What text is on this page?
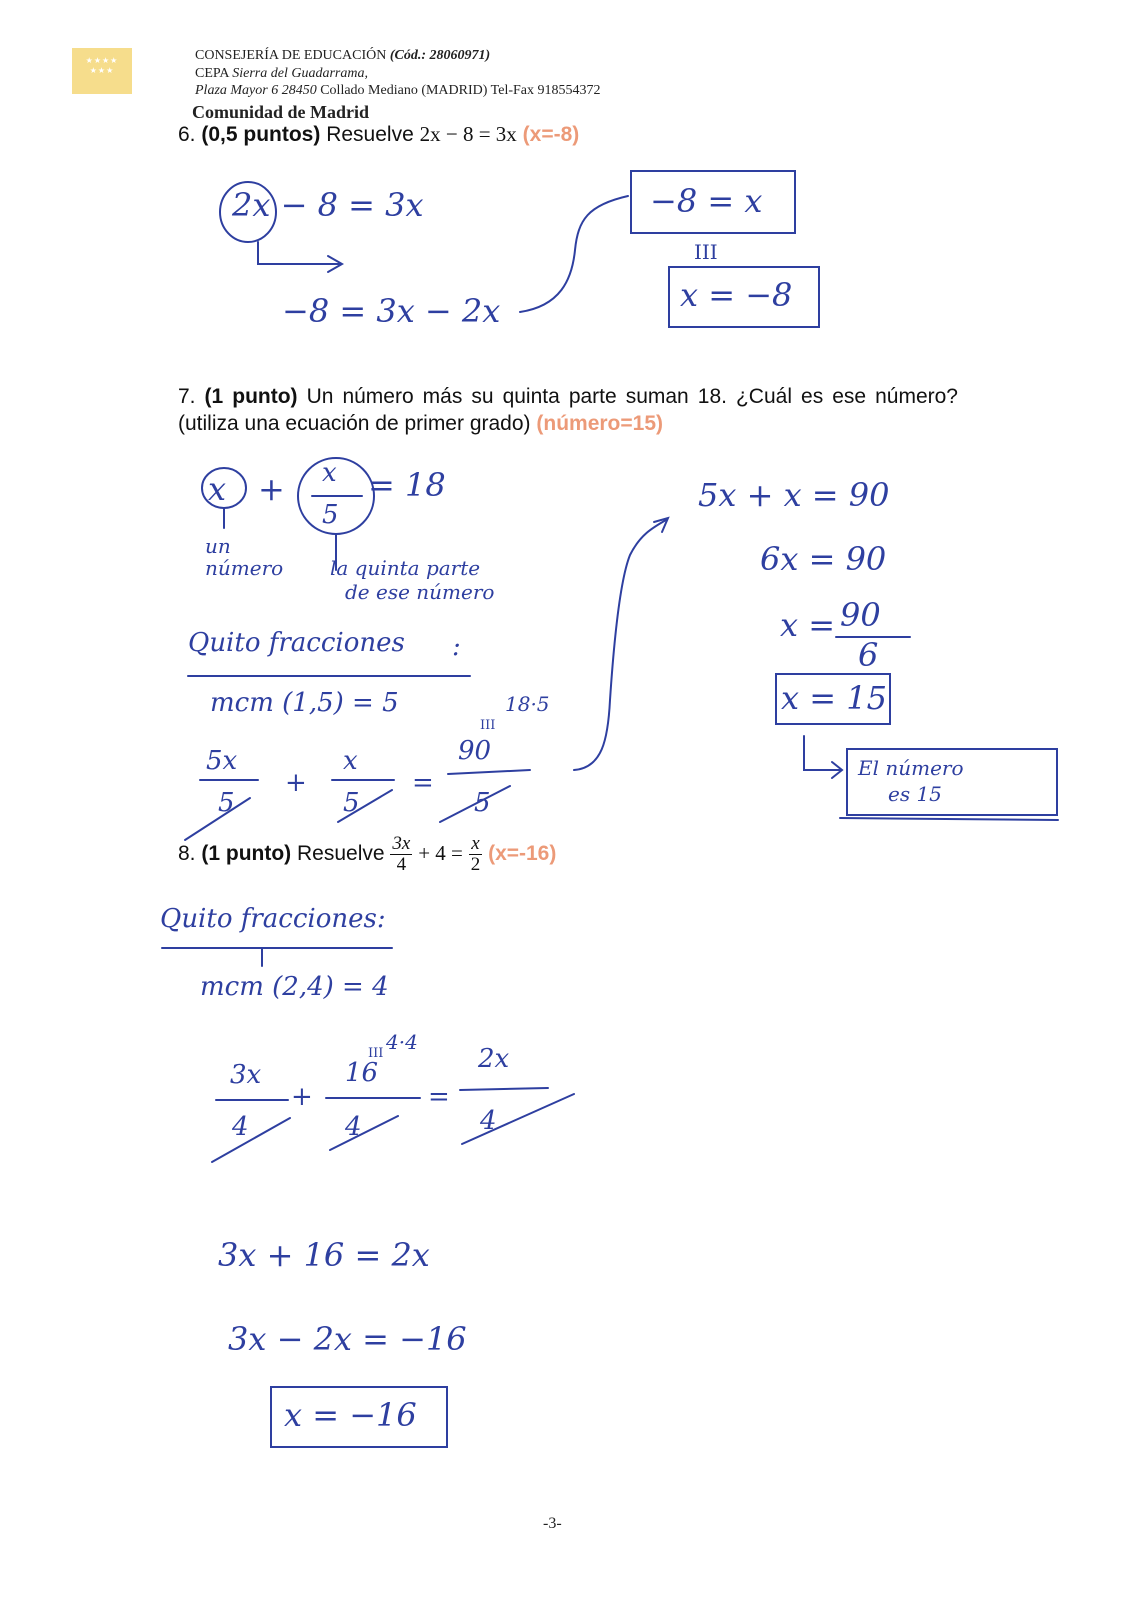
★★★★ ★★★
CONSEJERÍA DE EDUCACIÓN (Cód.: 28060971)
CEPA Sierra del Guadarrama,
Plaza Mayor 6 28450 Collado Mediano (MADRID) Tel-Fax 918554372
Comunidad de Madrid
6. (0,5 puntos) Resuelve 2x − 8 = 3x (x=-8)
2x − 8 = 3x
−8 = 3x − 2x
−8 = x
III
x = −8
7. (1 punto) Un número más su quinta parte suman 18. ¿Cuál es ese número? (utiliza una ecuación de primer grado) (número=15)
x + x
5
= 18
un
número la quinta parte
de ese número
Quito fracciones :
mcm (1,5) = 5	18·5
III
5x
5
+
x
5
=
90
5
5x + x = 90
6x = 90
x = 90
6
x = 15
El número
es 15
8. (1 punto) Resuelve $\frac{3x}{4} + 4 = \frac{x}{2} (x=-16)$
Quito fracciones:
mcm (2,4) = 4
4·4
III
3x
4
+
16
4
=
2x
4
3x + 16 = 2x
3x − 2x = −16
x = −16
-3-
